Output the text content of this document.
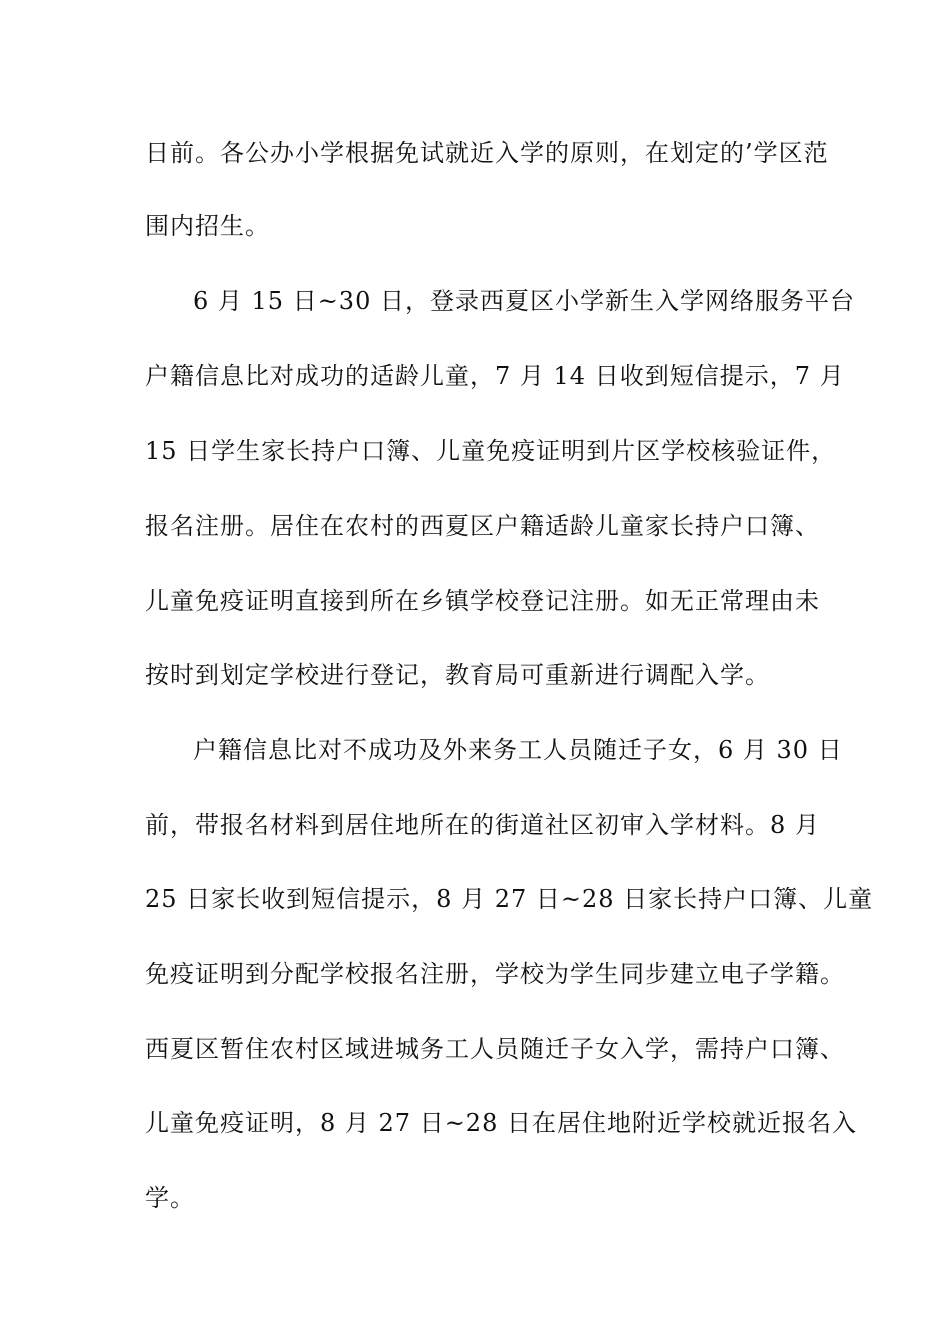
日前。各公办小学根据免试就近入学的原则，在划定的’学区范
围内招生。
6 月 15 日~30 日，登录西夏区小学新生入学网络服务平台
户籍信息比对成功的适龄儿童，7 月 14 日收到短信提示，7 月
15 日学生家长持户口簿、儿童免疫证明到片区学校核验证件，
报名注册。居住在农村的西夏区户籍适龄儿童家长持户口簿、
儿童免疫证明直接到所在乡镇学校登记注册。如无正常理由未
按时到划定学校进行登记，教育局可重新进行调配入学。
户籍信息比对不成功及外来务工人员随迁子女，6 月 30 日
前，带报名材料到居住地所在的街道社区初审入学材料。8 月
25 日家长收到短信提示，8 月 27 日~28 日家长持户口簿、儿童
免疫证明到分配学校报名注册，学校为学生同步建立电子学籍。
西夏区暂住农村区域进城务工人员随迁子女入学，需持户口簿、
儿童免疫证明，8 月 27 日~28 日在居住地附近学校就近报名入
学。
